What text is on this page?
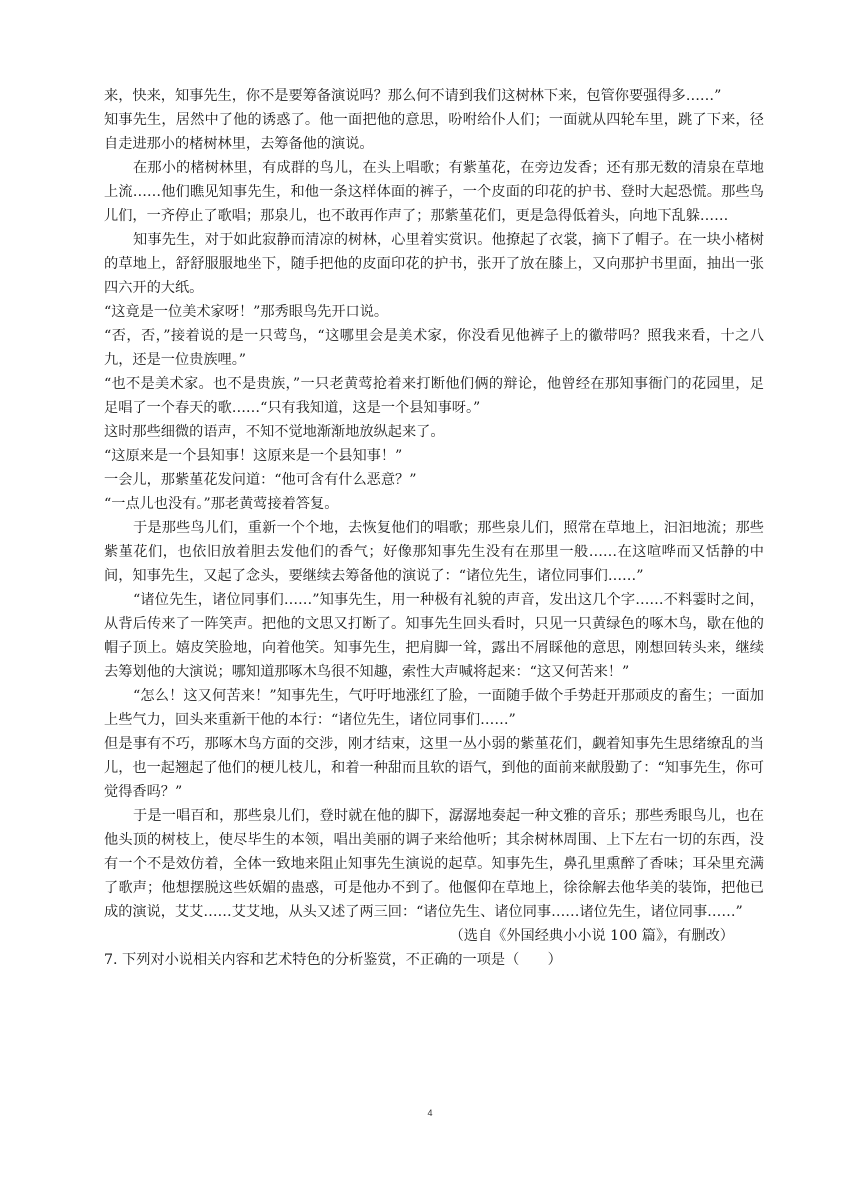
来，快来，知事先生，你不是要筹备演说吗？那么何不请到我们这树林下来，包管你要强得多……”

知事先生，居然中了他的诱惑了。他一面把他的意思，吩咐给仆人们；一面就从四轮车里，跳了下来，径自走进那小的楮树林里，去筹备他的演说。

在那小的楮树林里，有成群的鸟儿，在头上唱歌；有紫堇花，在旁边发香；还有那无数的清泉在草地上流……他们瞧见知事先生，和他一条这样体面的裤子，一个皮面的印花的护书、登时大起恐慌。那些鸟儿们，一齐停止了歌唱；那泉儿，也不敢再作声了；那紫堇花们，更是急得低着头，向地下乱躲……

知事先生，对于如此寂静而清凉的树林，心里着实赏识。他撩起了衣裳，摘下了帽子。在一块小楮树的草地上，舒舒服服地坐下，随手把他的皮面印花的护书，张开了放在膝上，又向那护书里面，抽出一张四六开的大纸。

“这竟是一位美术家呀！”那秀眼鸟先开口说。

“否，否，”接着说的是一只莺鸟，“这哪里会是美术家，你没看见他裤子上的徽带吗？照我来看，十之八九，还是一位贵族哩。”

“也不是美术家。也不是贵族，”一只老黄莺抢着来打断他们俩的辩论，他曾经在那知事衙门的花园里，足足唱了一个春天的歌……“只有我知道，这是一个县知事呀。”

这时那些细微的语声，不知不觉地渐渐地放纵起来了。

“这原来是一个县知事！这原来是一个县知事！”

一会儿，那紫堇花发问道：“他可含有什么恶意？”

“一点儿也没有。”那老黄莺接着答复。

于是那些鸟儿们，重新一个个地，去恢复他们的唱歌；那些泉儿们，照常在草地上，汩汩地流；那些紫堇花们，也依旧放着胆去发他们的香气；好像那知事先生没有在那里一般……在这喧哗而又恬静的中间，知事先生，又起了念头，要继续去筹备他的演说了：“诸位先生，诸位同事们……”

“诸位先生，诸位同事们……”知事先生，用一种极有礼貌的声音，发出这几个字……不料霎时之间，从背后传来了一阵笑声。把他的文思又打断了。知事先生回头看时，只见一只黄绿色的啄木鸟，歇在他的帽子顶上。嬉皮笑脸地，向着他笑。知事先生，把肩脚一耸，露出不屑睬他的意思，刚想回转头来，继续去筹划他的大演说；哪知道那啄木鸟很不知趣，索性大声喊将起来：“这又何苦来！”

“怎么！这又何苦来！”知事先生，气吁吁地涨红了脸，一面随手做个手势赶开那顽皮的畜生；一面加上些气力，回头来重新干他的本行：“诸位先生，诸位同事们……”

但是事有不巧，那啄木鸟方面的交涉，刚才结束，这里一丛小弱的紫堇花们，觑着知事先生思绪缭乱的当儿，也一起翘起了他们的梗儿枝儿，和着一种甜而且软的语气，到他的面前来献殷勤了：“知事先生，你可觉得香吗？”

于是一唱百和，那些泉儿们，登时就在他的脚下，潺潺地奏起一种文雅的音乐；那些秀眼鸟儿，也在他头顶的树枝上，使尽毕生的本领，唱出美丽的调子来给他听；其余树林周围、上下左右一切的东西，没有一个不是效仿着，全体一致地来阻止知事先生演说的起草。知事先生，鼻孔里熏醉了香味；耳朵里充满了歌声；他想摆脱这些妖媚的蛊惑，可是他办不到了。他偃仰在草地上，徐徐解去他华美的装饰，把他已成的演说，艾艾……艾艾地，从头又述了两三回：“诸位先生、诸位同事……诸位先生，诸位同事……”

（选自《外国经典小小说 100 篇》，有删改）

7. 下列对小说相关内容和艺术特色的分析鉴赏，不正确的一项是（　　）

4
